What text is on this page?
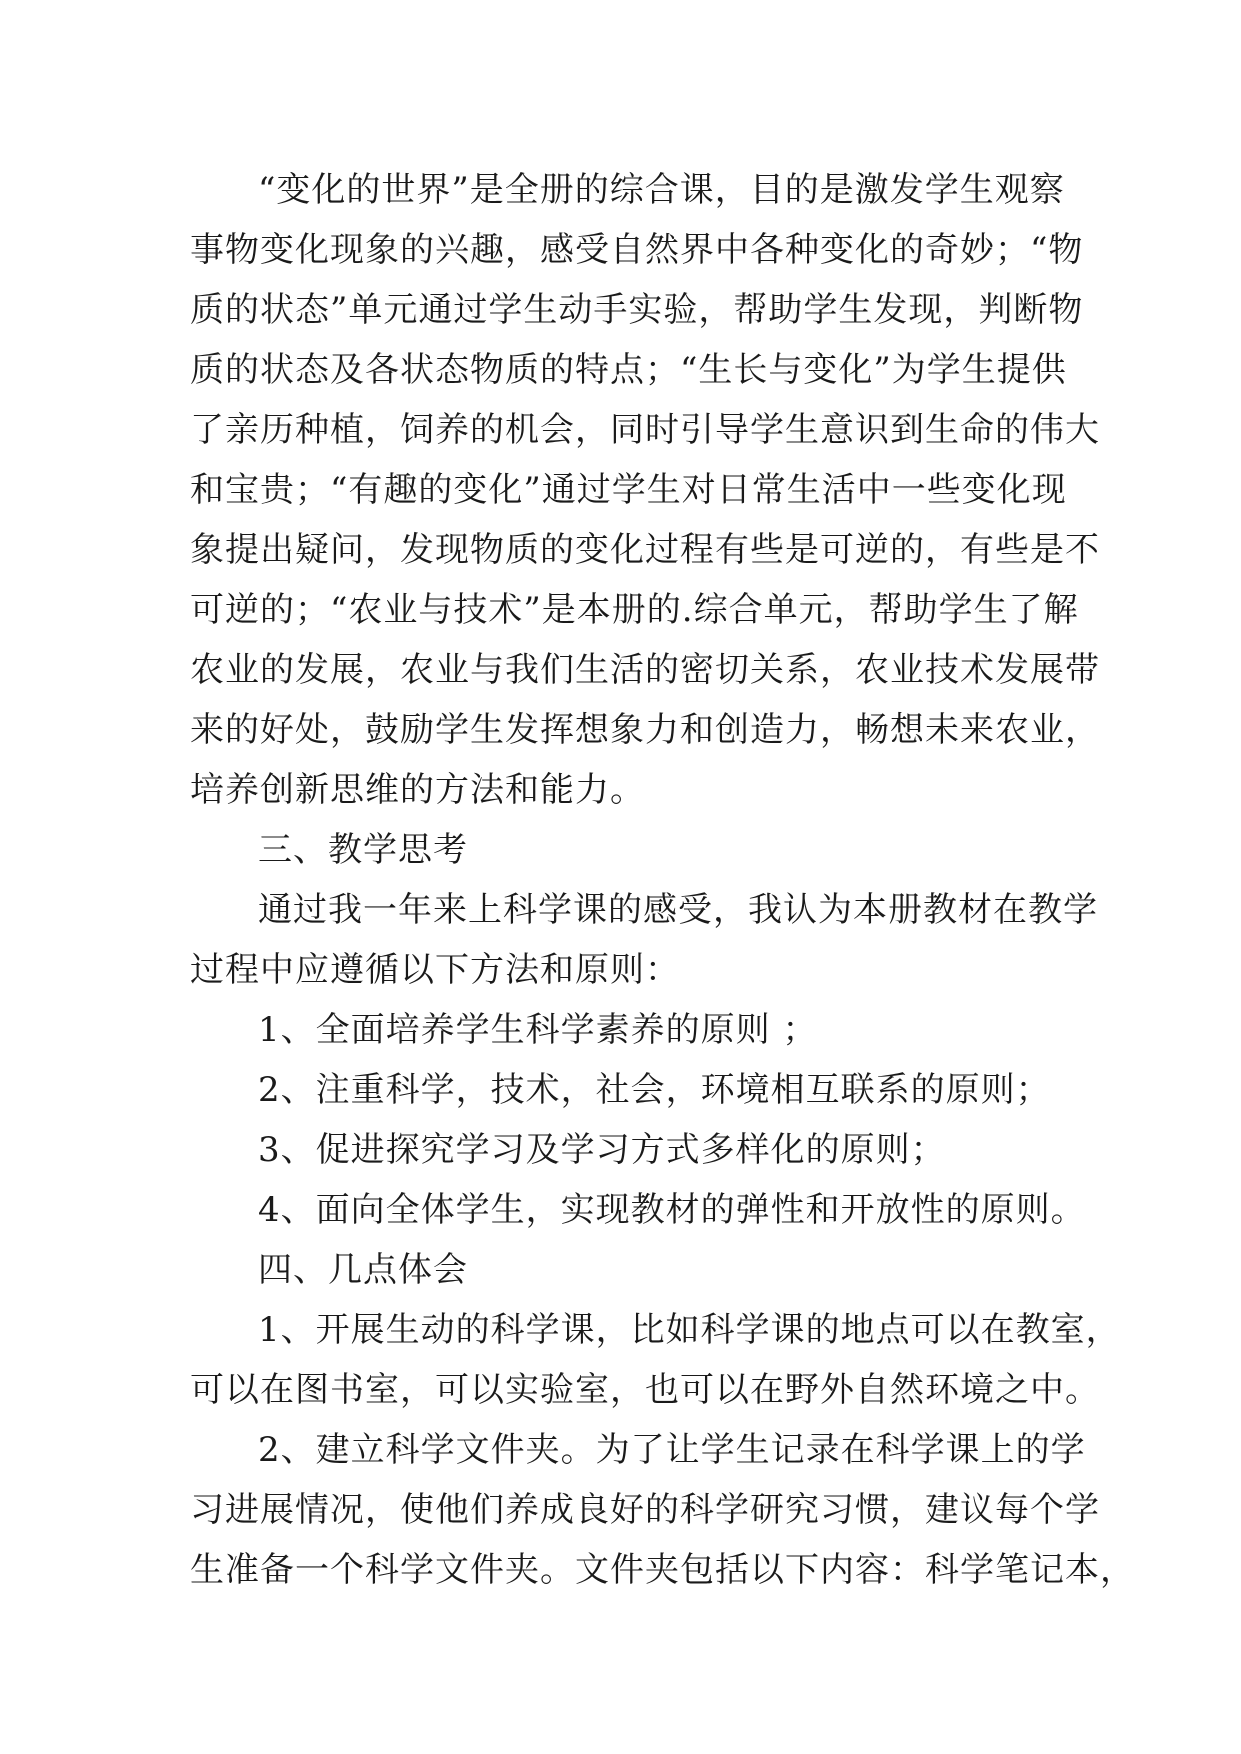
“变化的世界”是全册的综合课，目的是激发学生观察
事物变化现象的兴趣，感受自然界中各种变化的奇妙；“物
质的状态”单元通过学生动手实验，帮助学生发现，判断物
质的状态及各状态物质的特点；“生长与变化”为学生提供
了亲历种植，饲养的机会，同时引导学生意识到生命的伟大
和宝贵；“有趣的变化”通过学生对日常生活中一些变化现
象提出疑问，发现物质的变化过程有些是可逆的，有些是不
可逆的；“农业与技术”是本册的.综合单元，帮助学生了解
农业的发展，农业与我们生活的密切关系，农业技术发展带
来的好处，鼓励学生发挥想象力和创造力，畅想未来农业，
培养创新思维的方法和能力。
三、教学思考
通过我一年来上科学课的感受，我认为本册教材在教学
过程中应遵循以下方法和原则：
1、全面培养学生科学素养的原则 ；
2、注重科学，技术，社会，环境相互联系的原则；
3、促进探究学习及学习方式多样化的原则；
4、面向全体学生，实现教材的弹性和开放性的原则。
四、几点体会
1、开展生动的科学课，比如科学课的地点可以在教室，
可以在图书室，可以实验室，也可以在野外自然环境之中。
2、建立科学文件夹。为了让学生记录在科学课上的学
习进展情况，使他们养成良好的科学研究习惯，建议每个学
生准备一个科学文件夹。文件夹包括以下内容：科学笔记本，
